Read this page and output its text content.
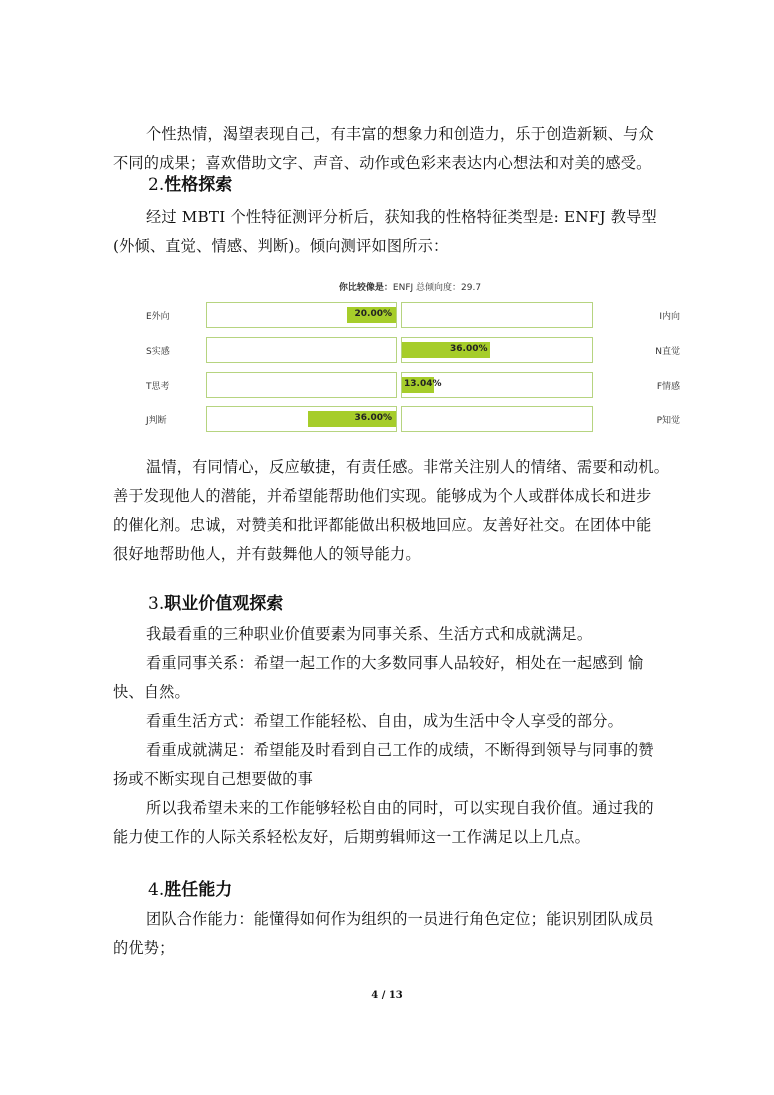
个性热情，渴望表现自己，有丰富的想象力和创造力，乐于创造新颖、与众
不同的成果；喜欢借助文字、声音、动作或色彩来表达内心想法和对美的感受。
2.性格探索
经过 MBTI 个性特征测评分析后，获知我的性格特征类型是: ENFJ 教导型
(外倾、直觉、情感、判断)。倾向测评如图所示：
你比较像是：ENFJ 总倾向度：29.7
E外向	I内向
20.00%
S实感	N直觉
36.00%
T思考	F情感
13.04%
J判断	P知觉
36.00%
温情，有同情心，反应敏捷，有责任感。非常关注别人的情绪、需要和动机。
善于发现他人的潜能，并希望能帮助他们实现。能够成为个人或群体成长和进步
的催化剂。忠诚，对赞美和批评都能做出积极地回应。友善好社交。在团体中能
很好地帮助他人，并有鼓舞他人的领导能力。
3.职业价值观探索
我最看重的三种职业价值要素为同事关系、生活方式和成就满足。
看重同事关系：希望一起工作的大多数同事人品较好，相处在一起感到 愉
快、自然。
看重生活方式：希望工作能轻松、自由，成为生活中令人享受的部分。
看重成就满足：希望能及时看到自己工作的成绩，不断得到领导与同事的赞
扬或不断实现自己想要做的事
所以我希望未来的工作能够轻松自由的同时，可以实现自我价值。通过我的
能力使工作的人际关系轻松友好，后期剪辑师这一工作满足以上几点。
4.胜任能力
团队合作能力：能懂得如何作为组织的一员进行角色定位；能识别团队成员
的优势；
4 / 13
